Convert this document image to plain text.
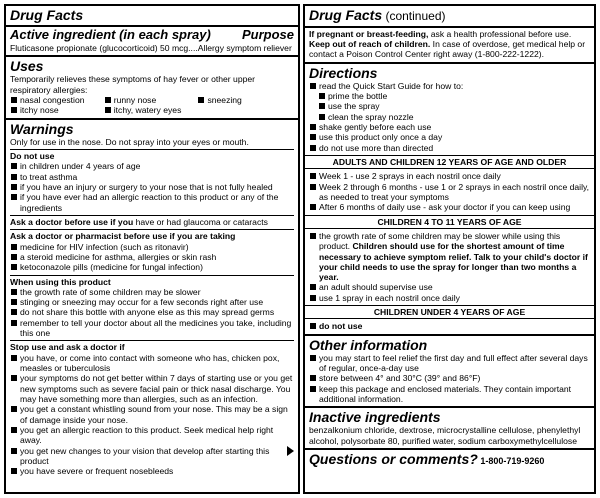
Drug Facts
Active ingredient (in each spray) Purpose
Fluticasone propionate (glucocorticoid) 50 mcg....Allergy symptom reliever
Uses
Temporarily relieves these symptoms of hay fever or other upper respiratory allergies:
nasal congestion	runny nose	sneezing
itchy nose	itchy, watery eyes
Warnings
Only for use in the nose. Do not spray into your eyes or mouth.
Do not use
in children under 4 years of age
to treat asthma
if you have an injury or surgery to your nose that is not fully healed
if you have ever had an allergic reaction to this product or any of the ingredients
Ask a doctor before use if you have or had glaucoma or cataracts
Ask a doctor or pharmacist before use if you are taking
medicine for HIV infection (such as ritonavir)
a steroid medicine for asthma, allergies or skin rash
ketoconazole pills (medicine for fungal infection)
When using this product
the growth rate of some children may be slower
stinging or sneezing may occur for a few seconds right after use
do not share this bottle with anyone else as this may spread germs
remember to tell your doctor about all the medicines you take, including this one
Stop use and ask a doctor if
you have, or come into contact with someone who has, chicken pox, measles or tuberculosis
your symptoms do not get better within 7 days of starting use or you get new symptoms such as severe facial pain or thick nasal discharge. You may have something more than allergies, such as an infection.
you get a constant whistling sound from your nose. This may be a sign of damage inside your nose.
you get an allergic reaction to this product. Seek medical help right away.
you get new changes to your vision that develop after starting this product
you have severe or frequent nosebleeds
Drug Facts (continued)
If pregnant or breast-feeding, ask a health professional before use.
Keep out of reach of children. In case of overdose, get medical help or contact a Poison Control Center right away (1-800-222-1222).
Directions
read the Quick Start Guide for how to:
prime the bottle
use the spray
clean the spray nozzle
shake gently before each use
use this product only once a day
do not use more than directed
ADULTS AND CHILDREN 12 YEARS OF AGE AND OLDER
Week 1 - use 2 sprays in each nostril once daily
Week 2 through 6 months - use 1 or 2 sprays in each nostril once daily, as needed to treat your symptoms
After 6 months of daily use - ask your doctor if you can keep using
CHILDREN 4 TO 11 YEARS OF AGE
the growth rate of some children may be slower while using this product. Children should use for the shortest amount of time necessary to achieve symptom relief. Talk to your child's doctor if your child needs to use the spray for longer than two months a year.
an adult should supervise use
use 1 spray in each nostril once daily
CHILDREN UNDER 4 YEARS OF AGE
do not use
Other information
you may start to feel relief the first day and full effect after several days of regular, once-a-day use
store between 4° and 30°C (39° and 86°F)
keep this package and enclosed materials. They contain important additional information.
Inactive ingredients
benzalkonium chloride, dextrose, microcrystalline cellulose, phenylethyl alcohol, polysorbate 80, purified water, sodium carboxymethylcellulose
Questions or comments? 1-800-719-9260
